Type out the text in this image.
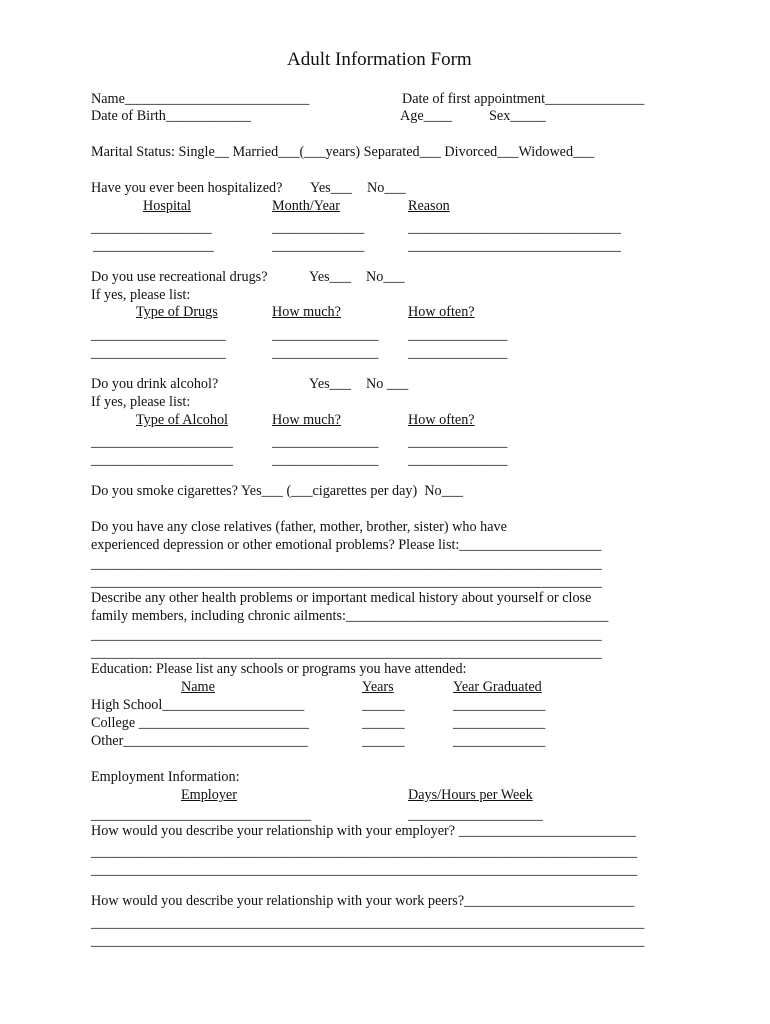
Adult Information Form
Name__________________________	Date of first appointment______________
Date of Birth____________	Age____	Sex_____
Marital Status: Single__ Married___(___years) Separated___ Divorced___Widowed___
Have you ever been hospitalized? Yes___ No___
Hospital	Month/Year	Reason
_________________	_____________	______________________________
_________________	_____________	______________________________
Do you use recreational drugs?	Yes___ No___
If yes, please list:
Type of Drugs	How much?	How often?
___________________	_______________ ______________
___________________	_______________ ______________
Do you drink alcohol?	Yes___ No ___
If yes, please list:
Type of Alcohol	How much?	How often?
____________________	_______________ ______________
____________________	_______________ ______________
Do you smoke cigarettes? Yes___ (___cigarettes per day)  No___
Do you have any close relatives (father, mother, brother, sister) who have
experienced depression or other emotional problems? Please list:____________________
________________________________________________________________________
________________________________________________________________________
Describe any other health problems or important medical history about yourself or close
family members, including chronic ailments:_____________________________________
________________________________________________________________________
________________________________________________________________________
Education: Please list any schools or programs you have attended:
Name	Years	Year Graduated
High School____________________	______	_____________
College ________________________	______	_____________
Other__________________________	______	_____________
Employment Information:
Employer	Days/Hours per Week
_______________________________	___________________
How would you describe your relationship with your employer? _________________________
_____________________________________________________________________________
_____________________________________________________________________________
How would you describe your relationship with your work peers?________________________
______________________________________________________________________________
______________________________________________________________________________
